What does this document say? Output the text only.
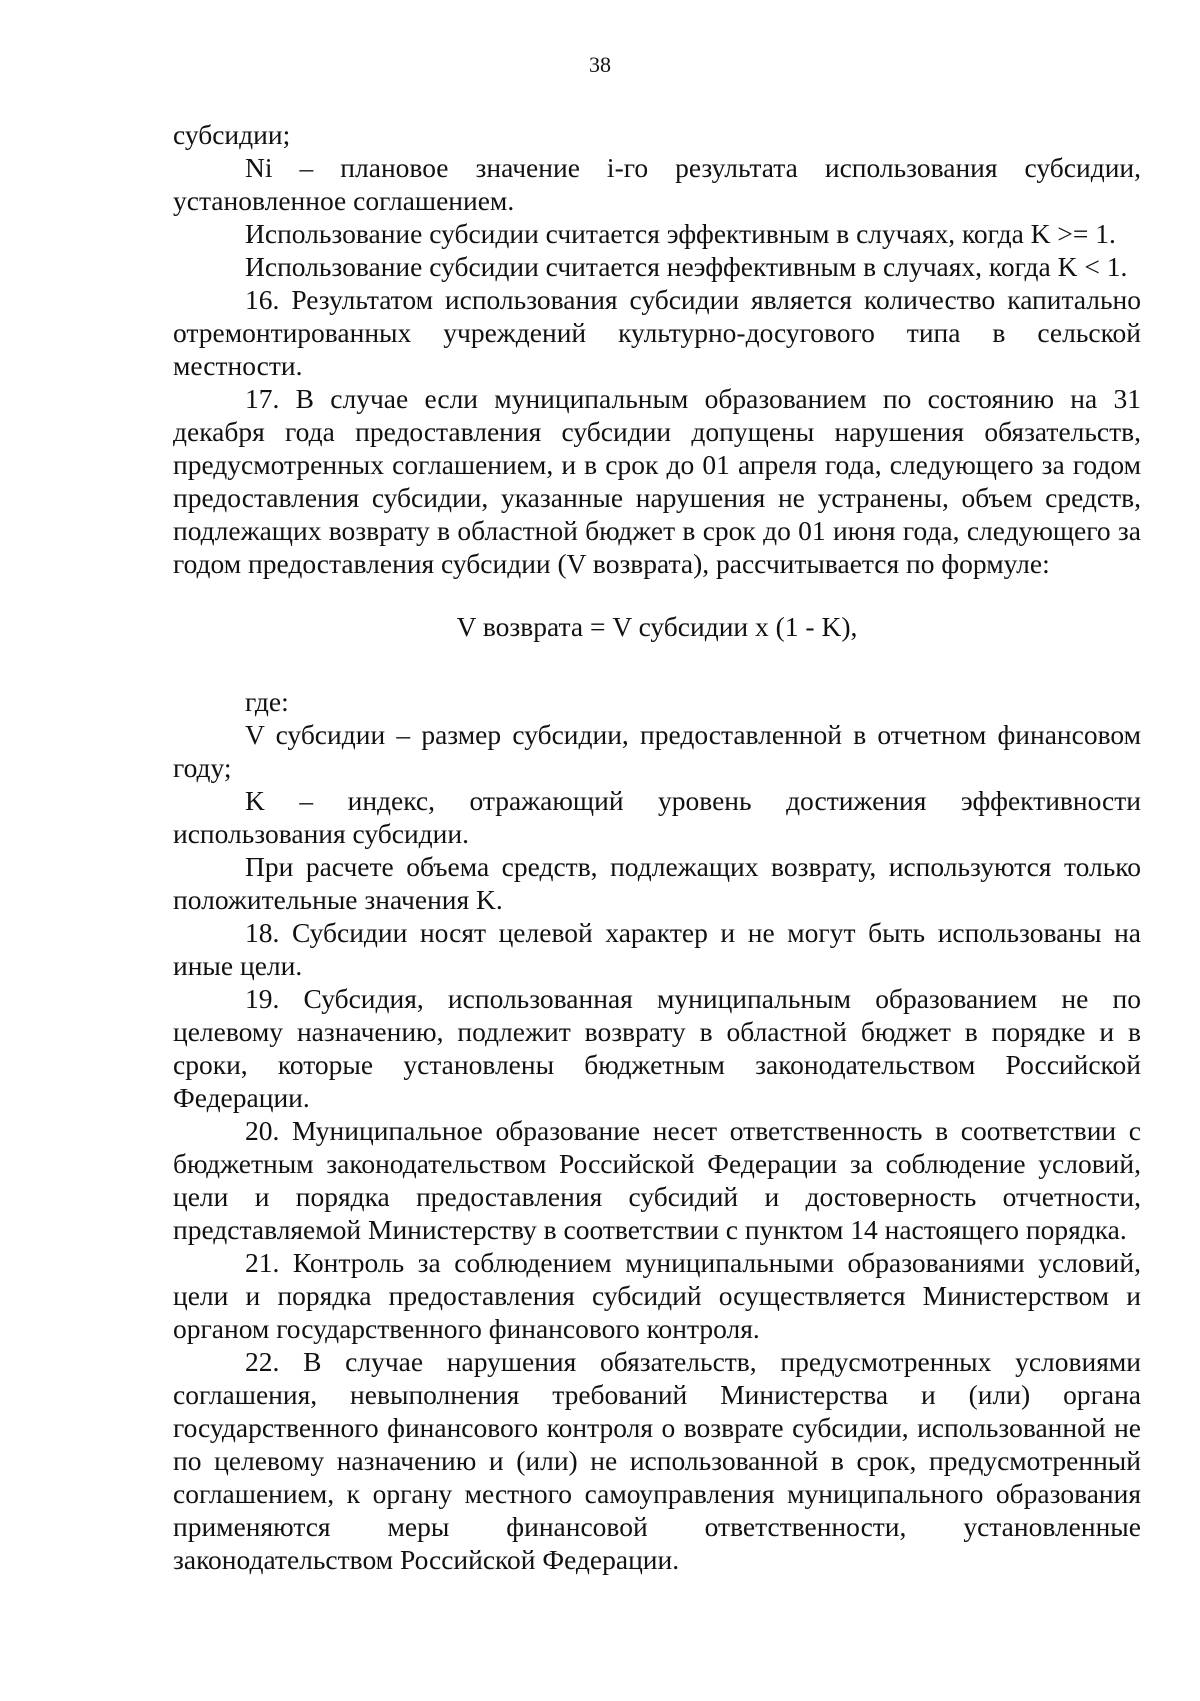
38

субсидии;

Ni – плановое значение i-го результата использования субсидии, установленное соглашением.

Использование субсидии считается эффективным в случаях, когда K >= 1.

Использование субсидии считается неэффективным в случаях, когда K < 1.

16. Результатом использования субсидии является количество капитально отремонтированных учреждений культурно-досугового типа в сельской местности.

17. В случае если муниципальным образованием по состоянию на 31 декабря года предоставления субсидии допущены нарушения обязательств, предусмотренных соглашением, и в срок до 01 апреля года, следующего за годом предоставления субсидии, указанные нарушения не устранены, объем средств, подлежащих возврату в областной бюджет в срок до 01 июня года, следующего за годом предоставления субсидии (V возврата), рассчитывается по формуле:

V возврата = V субсидии x (1 - K),

где:

V субсидии – размер субсидии, предоставленной в отчетном финансовом году;

K – индекс, отражающий уровень достижения эффективности использования субсидии.

При расчете объема средств, подлежащих возврату, используются только положительные значения K.

18. Субсидии носят целевой характер и не могут быть использованы на иные цели.

19. Субсидия, использованная муниципальным образованием не по целевому назначению, подлежит возврату в областной бюджет в порядке и в сроки, которые установлены бюджетным законодательством Российской Федерации.

20. Муниципальное образование несет ответственность в соответствии с бюджетным законодательством Российской Федерации за соблюдение условий, цели и порядка предоставления субсидий и достоверность отчетности, представляемой Министерству в соответствии с пунктом 14 настоящего порядка.

21. Контроль за соблюдением муниципальными образованиями условий, цели и порядка предоставления субсидий осуществляется Министерством и органом государственного финансового контроля.

22. В случае нарушения обязательств, предусмотренных условиями соглашения, невыполнения требований Министерства и (или) органа государственного финансового контроля о возврате субсидии, использованной не по целевому назначению и (или) не использованной в срок, предусмотренный соглашением, к органу местного самоуправления муниципального образования применяются меры финансовой ответственности, установленные законодательством Российской Федерации.
